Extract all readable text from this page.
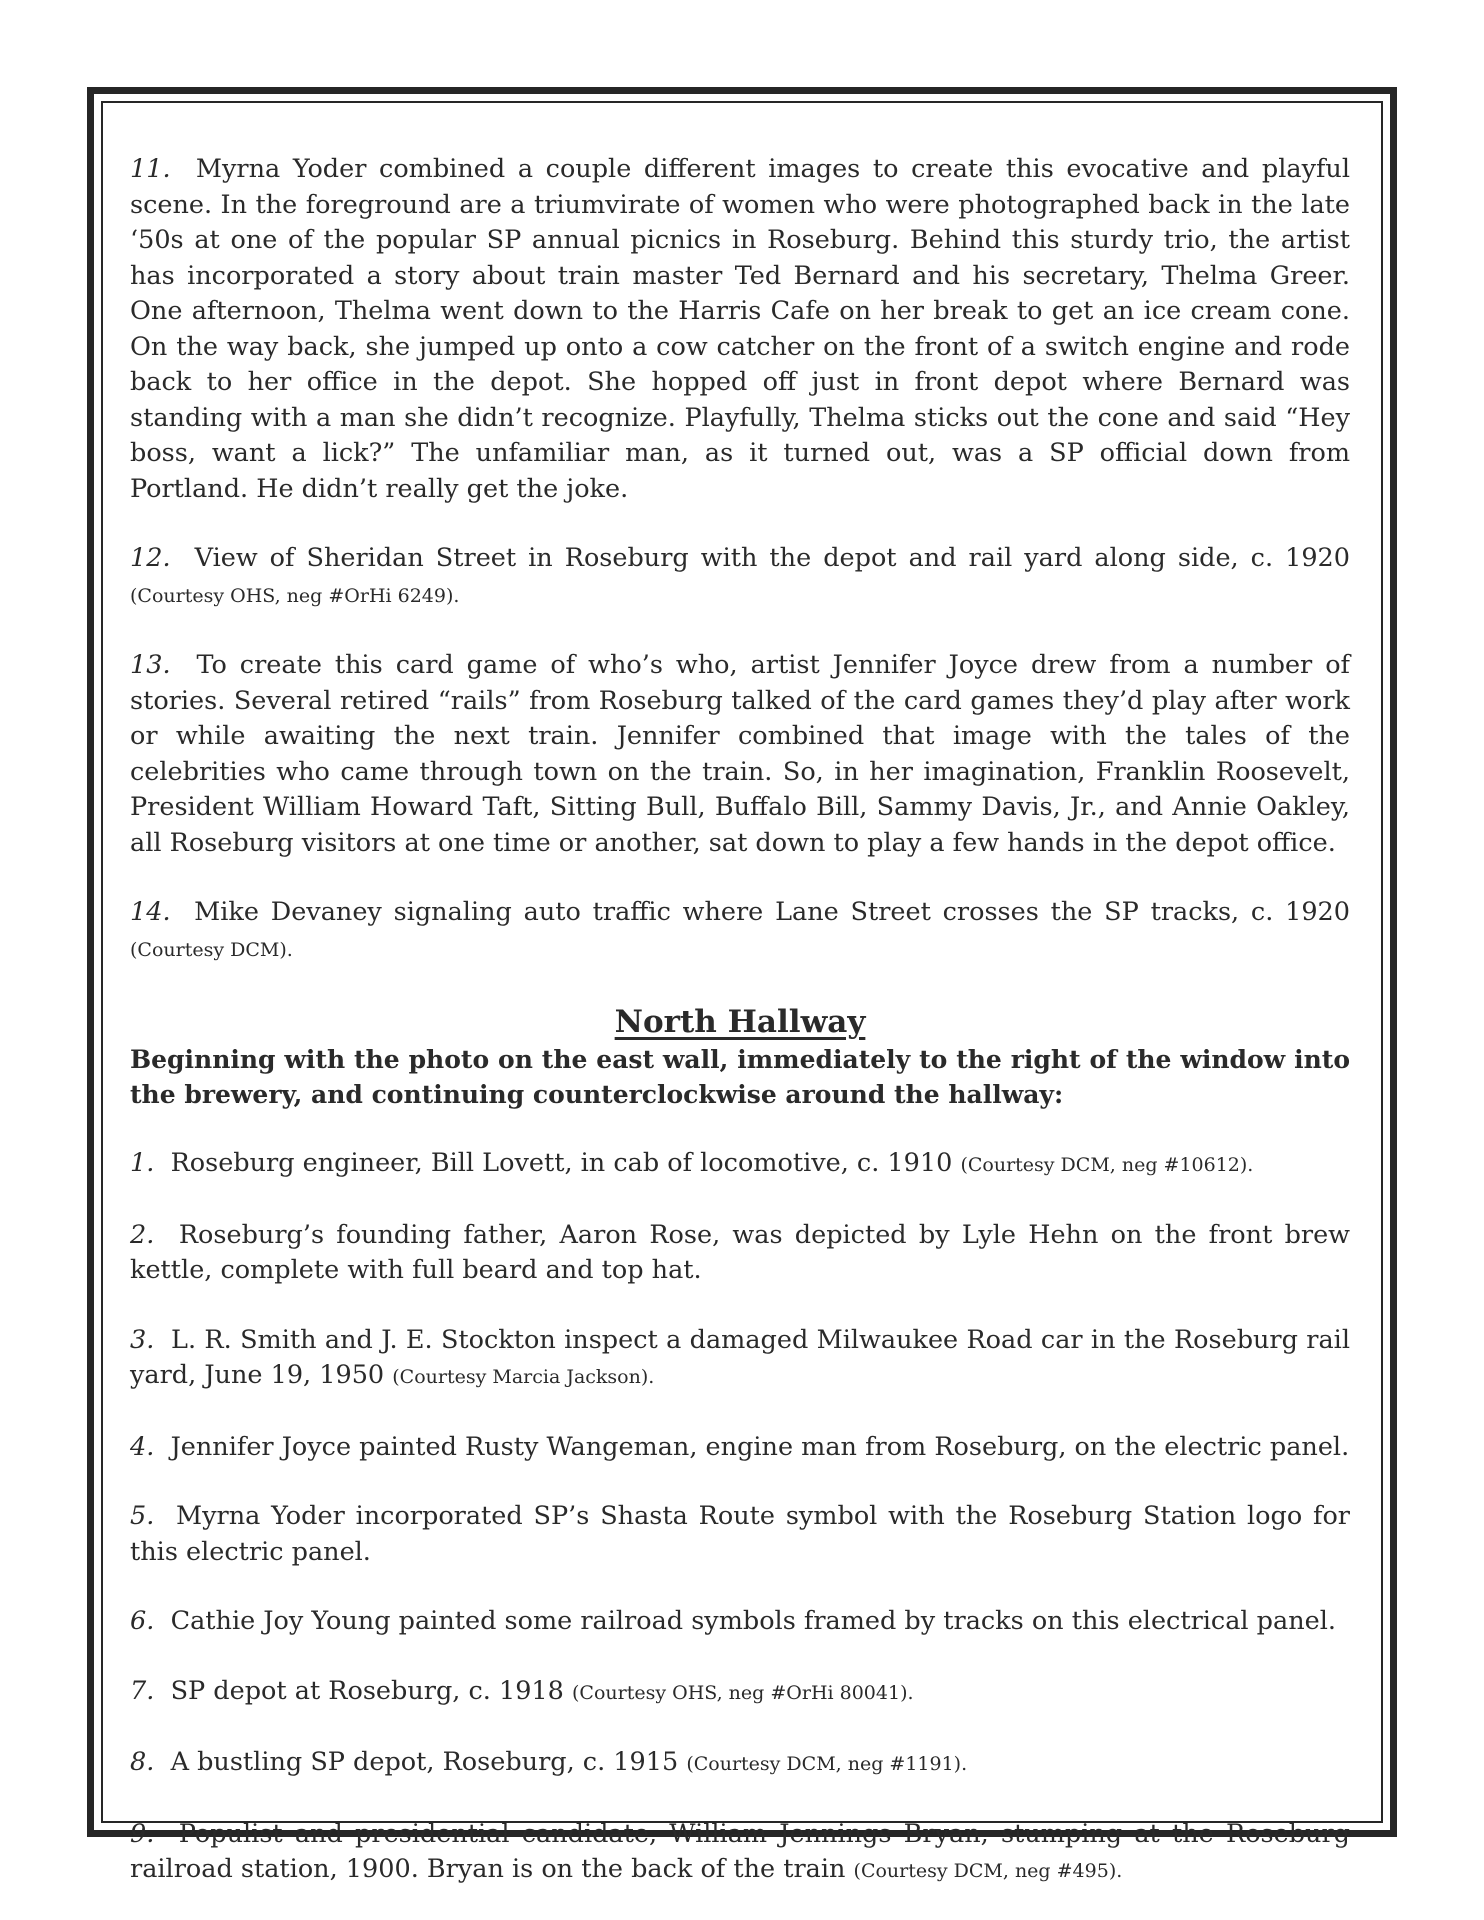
11. Myrna Yoder combined a couple different images to create this evocative and playful scene. In the foreground are a triumvirate of women who were photographed back in the late ‘50s at one of the popular SP annual picnics in Roseburg. Behind this sturdy trio, the artist has incorporated a story about train master Ted Bernard and his secretary, Thelma Greer. One afternoon, Thelma went down to the Harris Cafe on her break to get an ice cream cone. On the way back, she jumped up onto a cow catcher on the front of a switch engine and rode back to her office in the depot. She hopped off just in front depot where Bernard was standing with a man she didn’t recognize. Playfully, Thelma sticks out the cone and said “Hey boss, want a lick?” The unfamiliar man, as it turned out, was a SP official down from Portland. He didn’t really get the joke.

12. View of Sheridan Street in Roseburg with the depot and rail yard along side, c. 1920 (Courtesy OHS, neg #OrHi 6249).

13. To create this card game of who’s who, artist Jennifer Joyce drew from a number of stories. Several retired “rails” from Roseburg talked of the card games they’d play after work or while awaiting the next train. Jennifer combined that image with the tales of the celebrities who came through town on the train. So, in her imagination, Franklin Roosevelt, President William Howard Taft, Sitting Bull, Buffalo Bill, Sammy Davis, Jr., and Annie Oakley, all Roseburg visitors at one time or another, sat down to play a few hands in the depot office.

14. Mike Devaney signaling auto traffic where Lane Street crosses the SP tracks, c. 1920 (Courtesy DCM).

North Hallway

Beginning with the photo on the east wall, immediately to the right of the window into the brewery, and continuing counterclockwise around the hallway:

1. Roseburg engineer, Bill Lovett, in cab of locomotive, c. 1910 (Courtesy DCM, neg #10612).

2. Roseburg’s founding father, Aaron Rose, was depicted by Lyle Hehn on the front brew kettle, complete with full beard and top hat.

3. L. R. Smith and J. E. Stockton inspect a damaged Milwaukee Road car in the Roseburg rail yard, June 19, 1950 (Courtesy Marcia Jackson).

4. Jennifer Joyce painted Rusty Wangeman, engine man from Roseburg, on the electric panel.

5. Myrna Yoder incorporated SP’s Shasta Route symbol with the Roseburg Station logo for this electric panel.

6. Cathie Joy Young painted some railroad symbols framed by tracks on this electrical panel.

7. SP depot at Roseburg, c. 1918 (Courtesy OHS, neg #OrHi 80041).

8. A bustling SP depot, Roseburg, c. 1915 (Courtesy DCM, neg #1191).

9. Populist and presidential candidate, William Jennings Bryan, stumping at the Roseburg railroad station, 1900. Bryan is on the back of the train (Courtesy DCM, neg #495).
